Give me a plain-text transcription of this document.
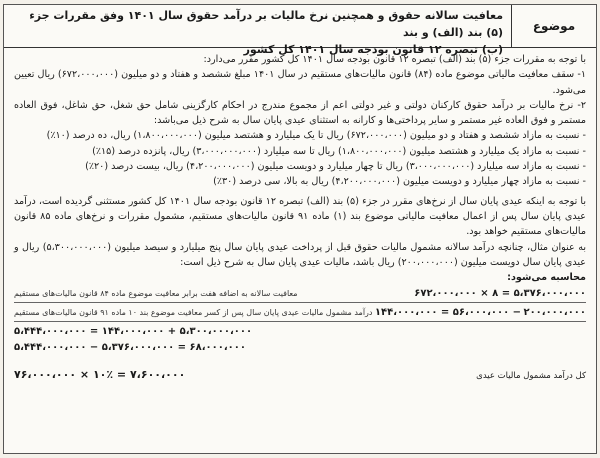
موضوع
معافیت سالانه حقوق و همچنین نرخ مالیات بر درآمد حقوق سال ۱۴۰۱ وفق مقررات جزء (۵) بند (الف) و بند
(ب) تبصره ۱۲ قانون بودجه سال ۱۴۰۱ کل کشور

با توجه به مقررات جزء (۵) بند (الف) تبصره ۱۲ قانون بودجه سال ۱۴۰۱ کل کشور مقرر می‌دارد:

۱- سقف معافیت مالیاتی موضوع ماده (۸۴) قانون مالیات‌های مستقیم در سال ۱۴۰۱ مبلغ ششصد و هفتاد و دو میلیون (۶۷۲،۰۰۰،۰۰۰) ریال تعیین می‌شود.

۲- نرخ مالیات بر درآمد حقوق کارکنان دولتی و غیر دولتی اعم از مجموع مندرج در احکام کارگزینی شامل حق شغل، حق شاغل، فوق العاده مستمر و فوق العاده غیر مستمر و سایر پرداختی‌ها و کارانه به استثنای عیدی پایان سال به شرح ذیل می‌باشد:

- نسبت به مازاد ششصد و هفتاد و دو میلیون (۶۷۲،۰۰۰،۰۰۰) ریال تا یک میلیارد و هشتصد میلیون (۱،۸۰۰،۰۰۰،۰۰۰) ریال، ده درصد (۱۰٪)

- نسبت به مازاد یک میلیارد و هشتصد میلیون (۱،۸۰۰،۰۰۰،۰۰۰) ریال تا سه میلیارد (۳،۰۰۰،۰۰۰،۰۰۰) ریال، پانزده درصد (۱۵٪)

- نسبت به مازاد سه میلیارد (۳،۰۰۰،۰۰۰،۰۰۰) ریال تا چهار میلیارد و دویست میلیون (۴،۲۰۰،۰۰۰،۰۰۰) ریال، بیست درصد (۲۰٪)

- نسبت به مازاد چهار میلیارد و دویست میلیون (۴،۲۰۰،۰۰۰،۰۰۰) ریال به بالا، سی درصد (۳۰٪)

با توجه به اینکه عیدی پایان سال از نرخ‌های مقرر در جزء (۵) بند (الف) تبصره ۱۲ قانون بودجه سال ۱۴۰۱ کل کشور مستثنی گردیده است، درآمد عیدی پایان سال پس از اعمال معافیت مالیاتی موضوع بند (۱) ماده ۹۱ قانون مالیات‌های مستقیم، مشمول مقررات و نرخ‌های ماده ۸۵ قانون مالیات‌های مستقیم خواهد بود.

به عنوان مثال، چنانچه درآمد سالانه مشمول مالیات حقوق قبل از پرداخت عیدی پایان سال پنج میلیارد و سیصد میلیون (۵،۳۰۰،۰۰۰،۰۰۰) ریال و عیدی پایان سال دویست میلیون (۲۰۰،۰۰۰،۰۰۰) ریال باشد، مالیات عیدی پایان سال به شرح ذیل است:

محاسبه می‌شود:

معافیت سالانه به اضافه هفت برابر معافیت موضوع ماده ۸۴ قانون مالیات‌های مستقیم	۶۷۲،۰۰۰،۰۰۰ × ۸ = ۵،۳۷۶،۰۰۰،۰۰۰
درآمد مشمول مالیات عیدی پایان سال پس از کسر معافیت موضوع بند ۱۰ ماده ۹۱ قانون مالیات‌های مستقیم ۱۴۴،۰۰۰،۰۰۰ = ۵۶،۰۰۰،۰۰۰ − ۲۰۰،۰۰۰،۰۰۰
۵،۴۴۴،۰۰۰،۰۰۰ = ۱۴۴،۰۰۰،۰۰۰ + ۵،۳۰۰،۰۰۰،۰۰۰
۵،۴۴۴،۰۰۰،۰۰۰ − ۵،۳۷۶،۰۰۰،۰۰۰ = ۶۸،۰۰۰،۰۰۰
کل درآمد مشمول مالیات عیدی
۷۶،۰۰۰،۰۰۰ × ۱۰٪ = ۷،۶۰۰،۰۰۰
